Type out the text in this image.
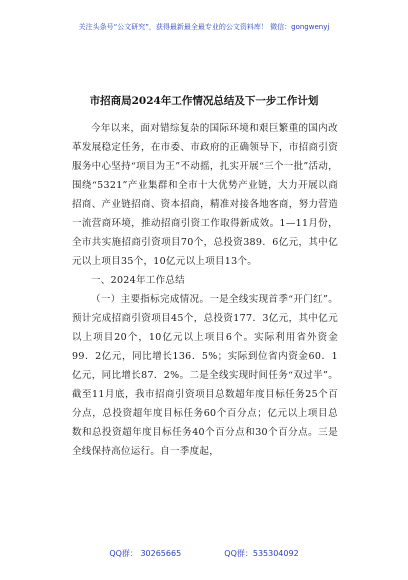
关注头条号“公文研究”，获得最新最全最专业的公文资料库！ 微信：gongwenyj
市招商局2024年工作情况总结及下一步工作计划

今年以来，面对错综复杂的国际环境和艰巨繁重的国内改革发展稳定任务，在市委、市政府的正确领导下，市招商引资服务中心坚持“项目为王”不动摇，扎实开展“三个一批”活动，围绕“5321”产业集群和全市十大优势产业链，大力开展以商招商、产业链招商、资本招商，精准对接各地客商，努力营造一流营商环境，推动招商引资工作取得新成效。1—11月份，全市共实施招商引资项目70个，总投资389．6亿元，其中亿元以上项目35个，10亿元以上项目13个。

一、2024年工作总结

（一）主要指标完成情况。一是全线实现首季“开门红”。预计完成招商引资项目45个，总投资177．3亿元，其中亿元以上项目20个，10亿元以上项目6个。实际利用省外资金99．2亿元，同比增长136．5%；实际到位省内资金60．1亿元，同比增长87．2%。二是全线实现时间任务“双过半”。截至11月底，我市招商引资项目总数超年度目标任务25个百分点，总投资超年度目标任务60个百分点；亿元以上项目总数和总投资超年度目标任务40个百分点和30个百分点。三是全线保持高位运行。自一季度起，

QQ群： 30265665	QQ群：535304092
